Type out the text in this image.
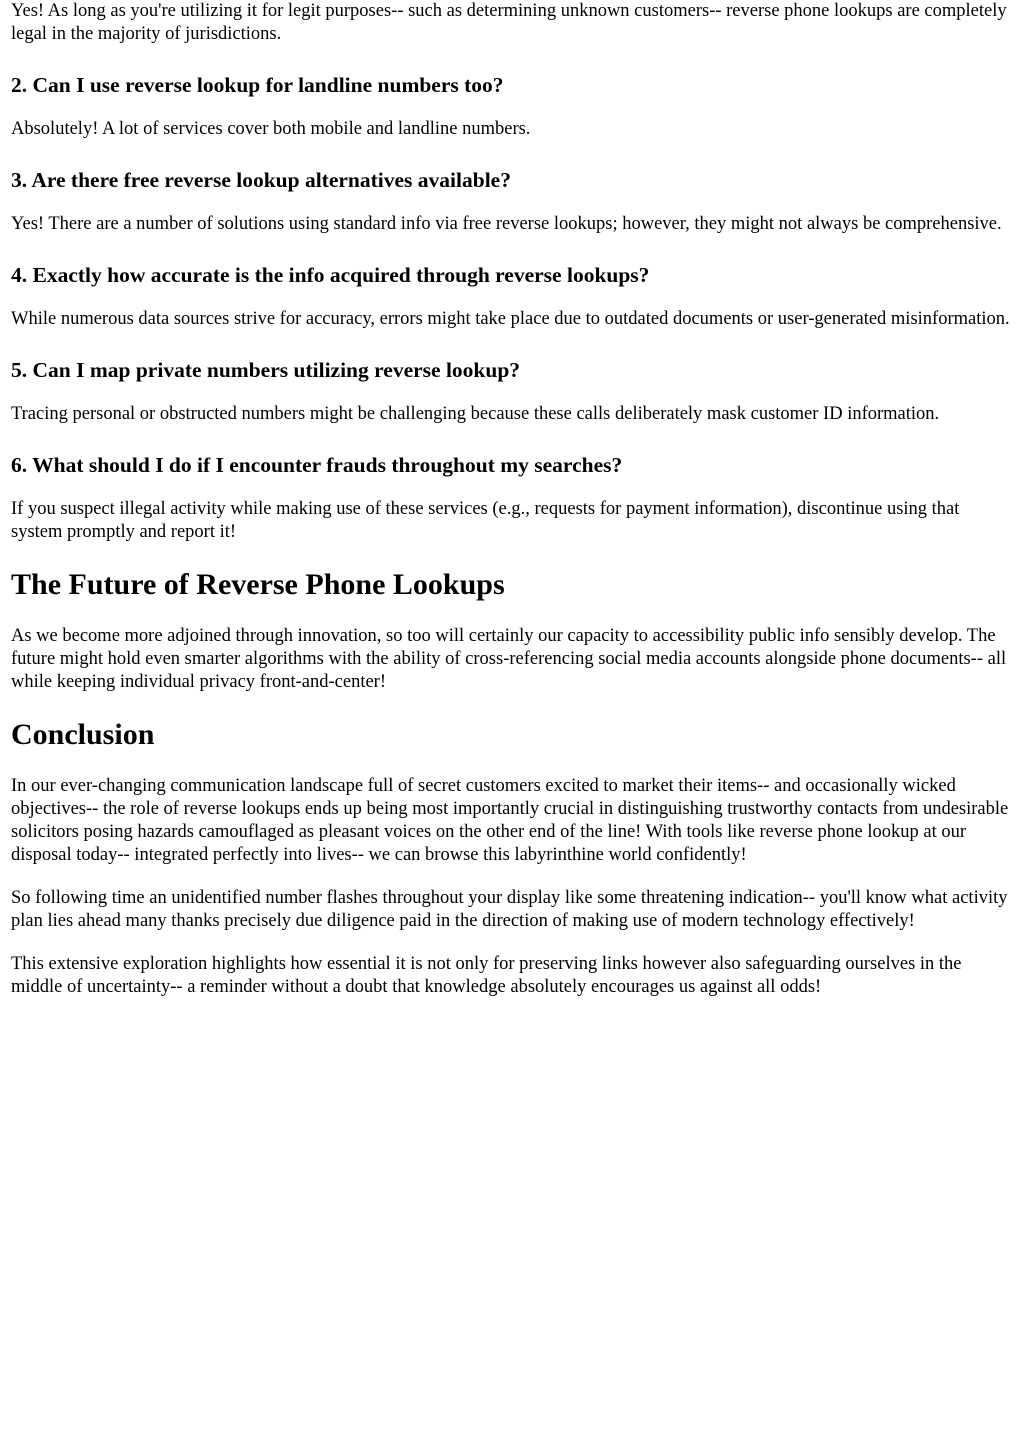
Yes! As long as you're utilizing it for legit purposes-- such as determining unknown customers-- reverse phone lookups are completely legal in the majority of jurisdictions.

2. Can I use reverse lookup for landline numbers too?

Absolutely! A lot of services cover both mobile and landline numbers.

3. Are there free reverse lookup alternatives available?

Yes! There are a number of solutions using standard info via free reverse lookups; however, they might not always be comprehensive.

4. Exactly how accurate is the info acquired through reverse lookups?

While numerous data sources strive for accuracy, errors might take place due to outdated documents or user-generated misinformation.

5. Can I map private numbers utilizing reverse lookup?

Tracing personal or obstructed numbers might be challenging because these calls deliberately mask customer ID information.

6. What should I do if I encounter frauds throughout my searches?

If you suspect illegal activity while making use of these services (e.g., requests for payment information), discontinue using that system promptly and report it!

The Future of Reverse Phone Lookups

As we become more adjoined through innovation, so too will certainly our capacity to accessibility public info sensibly develop. The future might hold even smarter algorithms with the ability of cross-referencing social media accounts alongside phone documents-- all while keeping individual privacy front-and-center!

Conclusion

In our ever-changing communication landscape full of secret customers excited to market their items-- and occasionally wicked objectives-- the role of reverse lookups ends up being most importantly crucial in distinguishing trustworthy contacts from undesirable solicitors posing hazards camouflaged as pleasant voices on the other end of the line! With tools like reverse phone lookup at our disposal today-- integrated perfectly into lives-- we can browse this labyrinthine world confidently!

So following time an unidentified number flashes throughout your display like some threatening indication-- you'll know what activity plan lies ahead many thanks precisely due diligence paid in the direction of making use of modern technology effectively!

This extensive exploration highlights how essential it is not only for preserving links however also safeguarding ourselves in the middle of uncertainty-- a reminder without a doubt that knowledge absolutely encourages us against all odds!
